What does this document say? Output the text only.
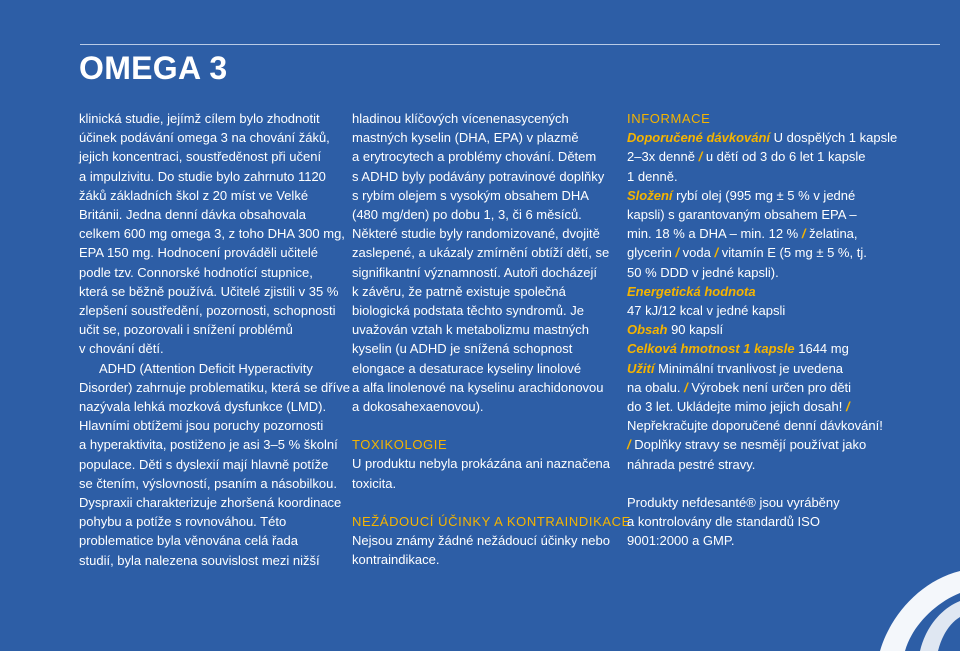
OMEGA 3
klinická studie, jejímž cílem bylo zhodnotit
účinek podávání omega 3 na chování žáků,
jejich koncentraci, soustředěnost při učení
a impulzivitu. Do studie bylo zahrnuto 1120
žáků základních škol z 20 míst ve Velké
Británii. Jedna denní dávka obsahovala
celkem 600 mg omega 3, z toho DHA 300 mg,
EPA 150 mg. Hodnocení prováděli učitelé
podle tzv. Connorské hodnotící stupnice,
která se běžně používá. Učitelé zjistili v 35 %
zlepšení soustředění, pozornosti, schopnosti
učit se, pozorovali i snížení problémů
v chování dětí.
ADHD (Attention Deficit Hyperactivity
Disorder) zahrnuje problematiku, která se dříve
nazývala lehká mozková dysfunkce (LMD).
Hlavními obtížemi jsou poruchy pozornosti
a hyperaktivita, postiženo je asi 3–5 % školní
populace. Děti s dyslexií mají hlavně potíže
se čtením, výslovností, psaním a násobilkou.
Dyspraxii charakterizuje zhoršená koordinace
pohybu a potíže s rovnováhou. Této
problematice byla věnována celá řada
studií, byla nalezena souvislost mezi nižší
hladinou klíčových vícenenasycených
mastných kyselin (DHA, EPA) v plazmě
a erytrocytech a problémy chování. Dětem
s ADHD byly podávány potravinové doplňky
s rybím olejem s vysokým obsahem DHA
(480 mg/den) po dobu 1, 3, či 6 měsíců.
Některé studie byly randomizované, dvojitě
zaslepené, a ukázaly zmírnění obtíží dětí, se
signifikantní významností. Autoři docházejí
k závěru, že patrně existuje společná
biologická podstata těchto syndromů. Je
uvažován vztah k metabolizmu mastných
kyselin (u ADHD je snížená schopnost
elongace a desaturace kyseliny linolové
a alfa linolenové na kyselinu arachidonovou
a dokosahexaenovou).
TOXIKOLOGIE
U produktu nebyla prokázána ani naznačena
toxicita.
NEŽÁDOUCÍ ÚČINKY A KONTRAINDIKACE
Nejsou známy žádné nežádoucí účinky nebo
kontraindikace.
INFORMACE
Doporučené dávkování U dospělých 1 kapsle
2–3x denně / u dětí od 3 do 6 let 1 kapsle
1 denně.
Složení rybí olej (995 mg ± 5 % v jedné
kapsli) s garantovaným obsahem EPA –
min. 18 % a DHA – min. 12 % / želatina,
glycerin / voda / vitamín E (5 mg ± 5 %, tj.
50 % DDD v jedné kapsli).
Energetická hodnota
47 kJ/12 kcal v jedné kapsli
Obsah 90 kapslí
Celková hmotnost 1 kapsle 1644 mg
Užití Minimální trvanlivost je uvedena
na obalu. / Výrobek není určen pro děti
do 3 let. Ukládejte mimo jejich dosah! /
Nepřekračujte doporučené denní dávkování!
/ Doplňky stravy se nesmějí používat jako
náhrada pestré stravy.
Produkty nefdesanté® jsou vyráběny
a kontrolovány dle standardů ISO
9001:2000 a GMP.
